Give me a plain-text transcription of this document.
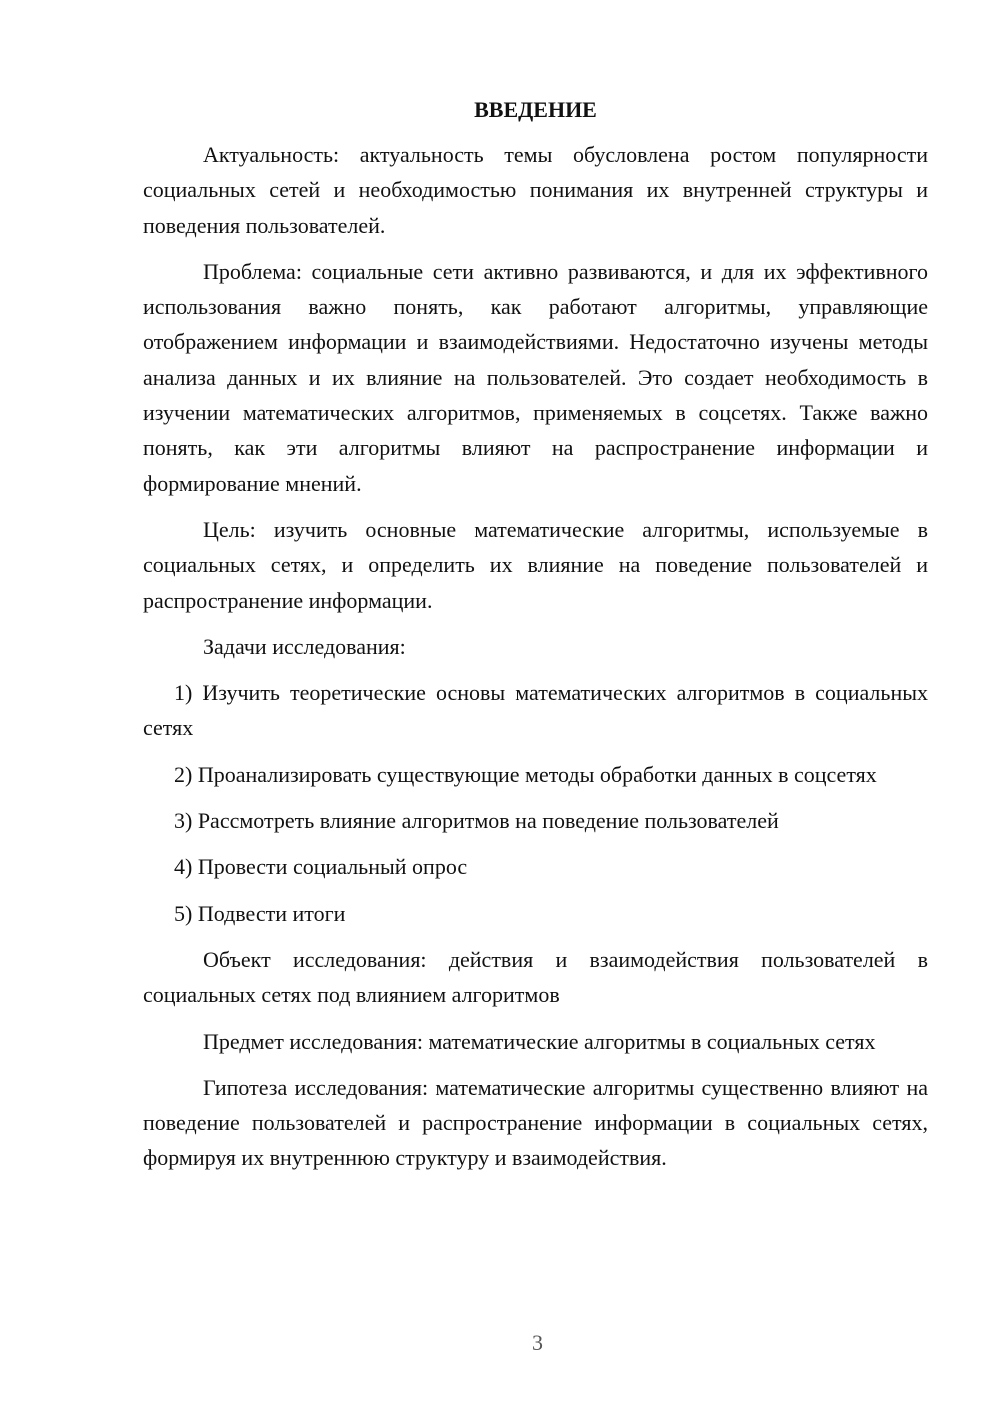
ВВЕДЕНИЕ

Актуальность: актуальность темы обусловлена ростом популярности социальных сетей и необходимостью понимания их внутренней структуры и поведения пользователей.

Проблема: социальные сети активно развиваются, и для их эффективного использования важно понять, как работают алгоритмы, управляющие отображением информации и взаимодействиями. Недостаточно изучены методы анализа данных и их влияние на пользователей. Это создает необходимость в изучении математических алгоритмов, применяемых в соцсетях. Также важно понять, как эти алгоритмы влияют на распространение информации и формирование мнений.

Цель: изучить основные математические алгоритмы, используемые в социальных сетях, и определить их влияние на поведение пользователей и распространение информации.

Задачи исследования:

1) Изучить теоретические основы математических алгоритмов в социальных сетях

2) Проанализировать существующие методы обработки данных в соцсетях

3) Рассмотреть влияние алгоритмов на поведение пользователей

4) Провести социальный опрос

5) Подвести итоги

Объект исследования: действия и взаимодействия пользователей в социальных сетях под влиянием алгоритмов

Предмет исследования: математические алгоритмы в социальных сетях

Гипотеза исследования: математические алгоритмы существенно влияют на поведение пользователей и распространение информации в социальных сетях, формируя их внутреннюю структуру и взаимодействия.

3
